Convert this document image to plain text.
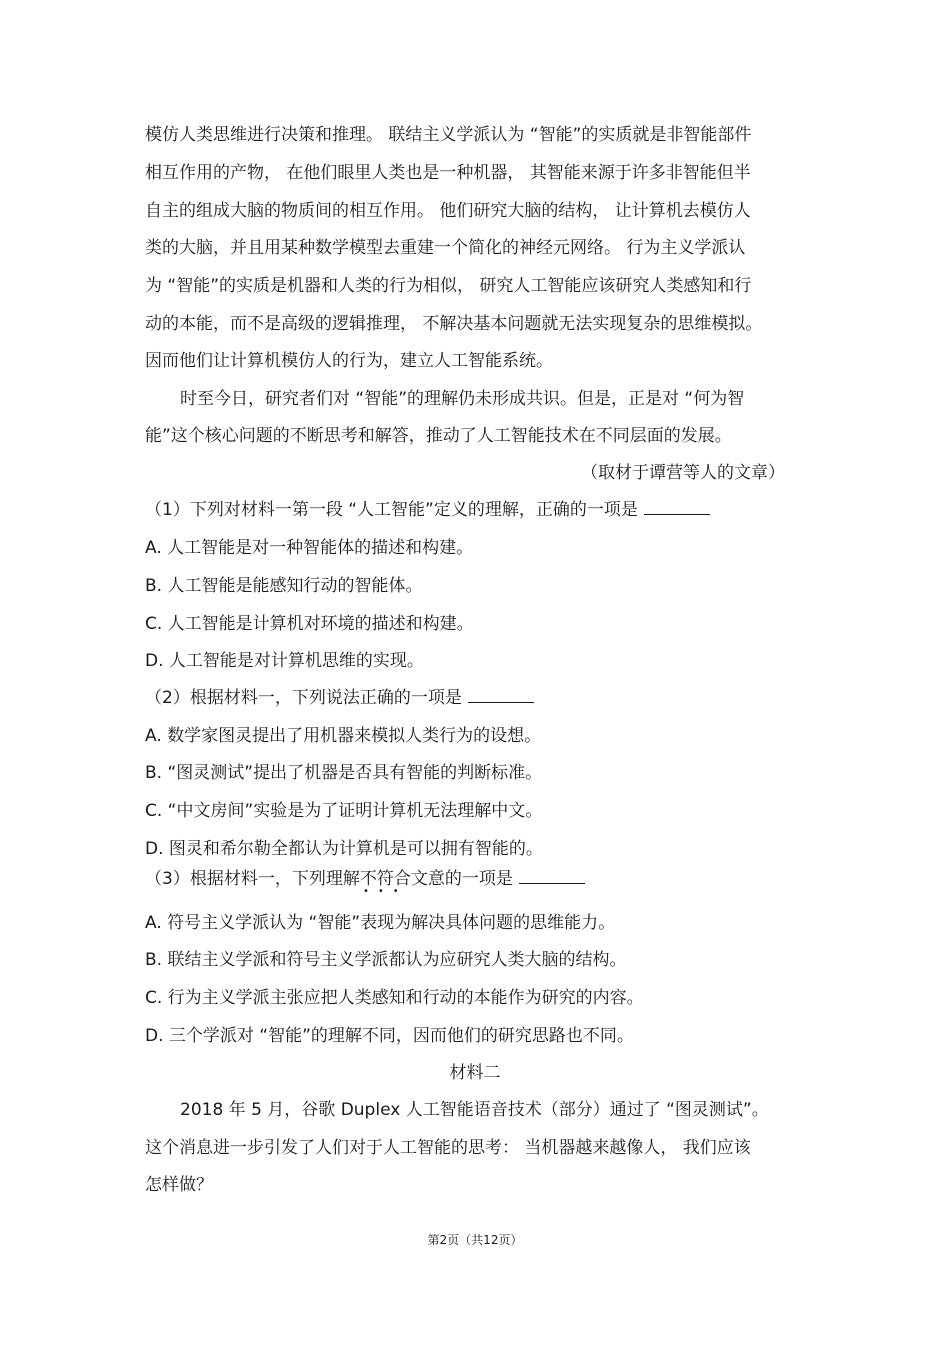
模仿人类思维进行决策和推理。 联结主义学派认为 “智能”的实质就是非智能部件
相互作用的产物， 在他们眼里人类也是一种机器， 其智能来源于许多非智能但半
自主的组成大脑的物质间的相互作用。 他们研究大脑的结构， 让计算机去模仿人
类的大脑，并且用某种数学模型去重建一个简化的神经元网络。 行为主义学派认
为 “智能”的实质是机器和人类的行为相似， 研究人工智能应该研究人类感知和行
动的本能，而不是高级的逻辑推理， 不解决基本问题就无法实现复杂的思维模拟。
因而他们让计算机模仿人的行为，建立人工智能系统。
时至今日，研究者们对 “智能”的理解仍未形成共识。但是，正是对 “何为智
能”这个核心问题的不断思考和解答，推动了人工智能技术在不同层面的发展。
（取材于谭营等人的文章）
（1）下列对材料一第一段 “人工智能”定义的理解，正确的一项是
A. 人工智能是对一种智能体的描述和构建。
B. 人工智能是能感知行动的智能体。
C. 人工智能是计算机对环境的描述和构建。
D. 人工智能是对计算机思维的实现。
（2）根据材料一，下列说法正确的一项是
A. 数学家图灵提出了用机器来模拟人类行为的设想。
B. “图灵测试”提出了机器是否具有智能的判断标准。
C. “中文房间”实验是为了证明计算机无法理解中文。
D. 图灵和希尔勒全都认为计算机是可以拥有智能的。
（3）根据材料一，下列理解不符合
•••
文意的一项是
A. 符号主义学派认为 “智能”表现为解决具体问题的思维能力。
B. 联结主义学派和符号主义学派都认为应研究人类大脑的结构。
C. 行为主义学派主张应把人类感知和行动的本能作为研究的内容。
D. 三个学派对 “智能”的理解不同，因而他们的研究思路也不同。
材料二
2018 年 5 月，谷歌 Duplex 人工智能语音技术（部分）通过了 “图灵测试”。
这个消息进一步引发了人们对于人工智能的思考： 当机器越来越像人， 我们应该
怎样做？
第2页（共12页）
